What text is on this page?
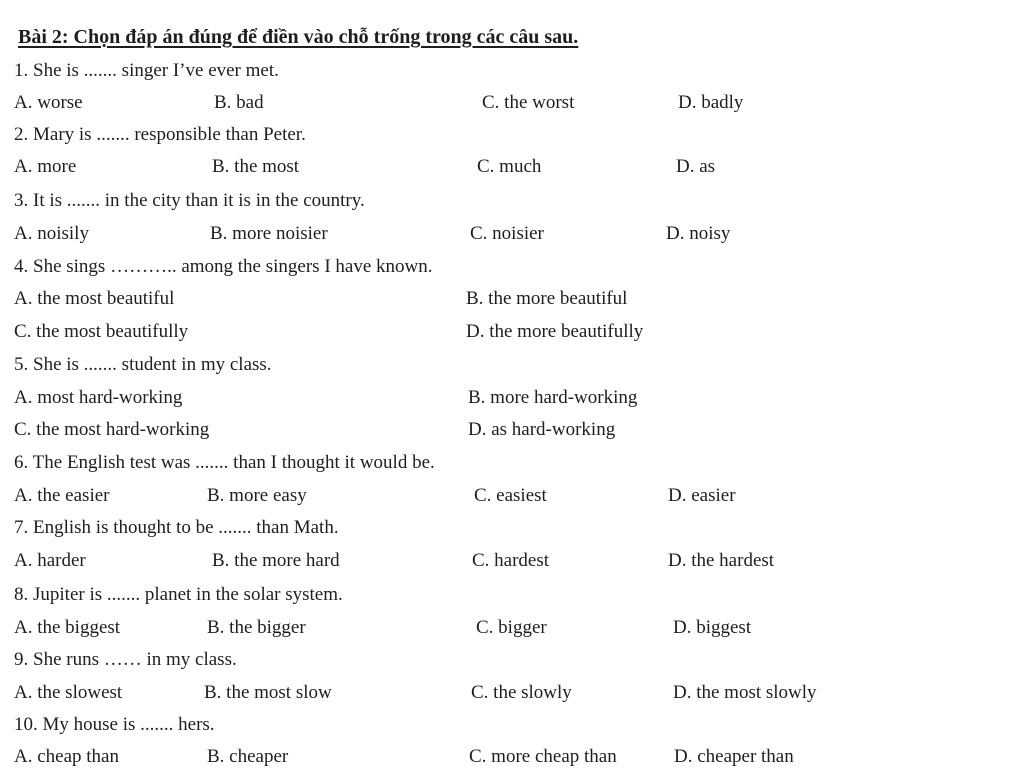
Bài 2: Chọn đáp án đúng để điền vào chỗ trống trong các câu sau.
1. She is ....... singer I’ve ever met.
A. worse	B. bad	C. the worst	D. badly
2. Mary is ....... responsible than Peter.
A. more	B. the most	C. much	D. as
3. It is ....... in the city than it is in the country.
A. noisily	B. more noisier	C. noisier	D. noisy
4. She sings ……….. among the singers I have known.
A. the most beautiful	B. the more beautiful
C. the most beautifully	D. the more beautifully
5. She is ....... student in my class.
A. most hard-working	B. more hard-working
C. the most hard-working	D. as hard-working
6. The English test was ....... than I thought it would be.
A. the easier	B. more easy	C. easiest	D. easier
7. English is thought to be ....... than Math.
A. harder	B. the more hard	C. hardest	D. the hardest
8. Jupiter is ....... planet in the solar system.
A. the biggest	B. the bigger	C. bigger	D. biggest
9. She runs …… in my class.
A. the slowest	B. the most slow	C. the slowly	D. the most slowly
10. My house is ....... hers.
A. cheap than	B. cheaper	C. more cheap than	D. cheaper than
